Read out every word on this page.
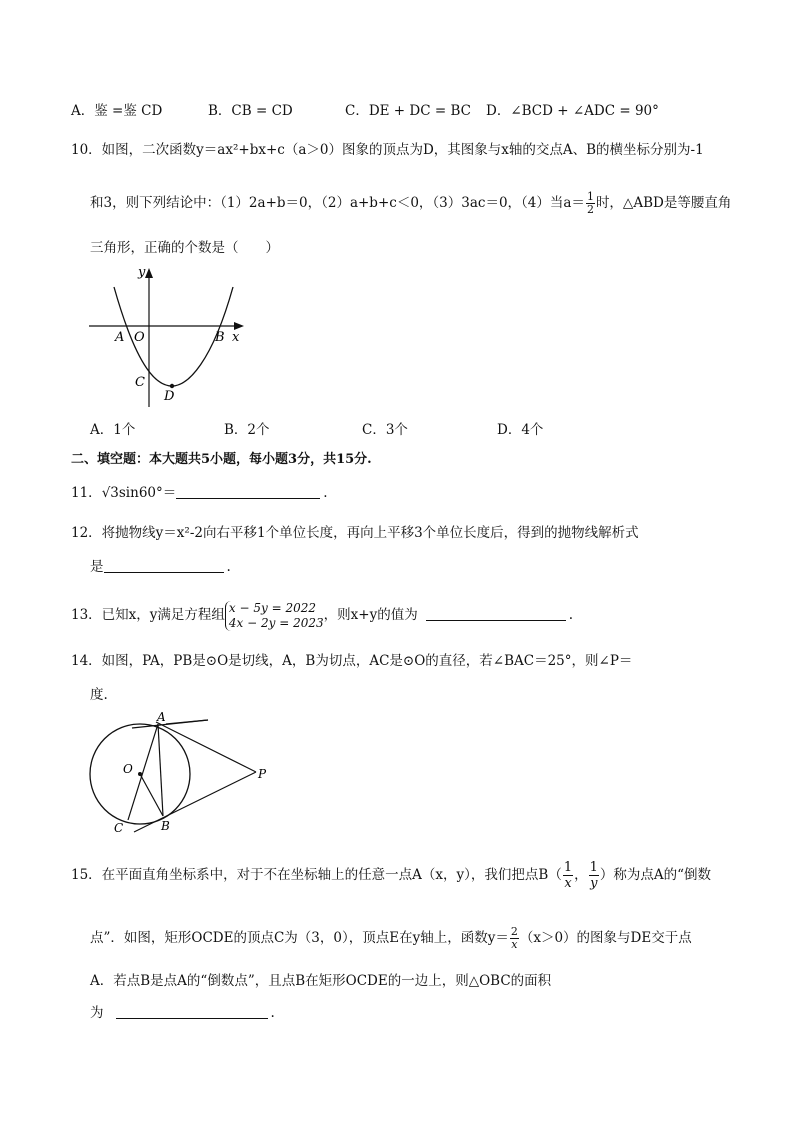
A．鉴 =鉴 CD	B．CB = CD	C．DE + DC = BC D．∠BCD + ∠ADC = 90°
10．如图，二次函数y＝ax²+bx+c（a＞0）图象的顶点为D，其图象与x轴的交点A、B的横坐标分别为-1
和3，则下列结论中：（1）2a+b＝0，（2）a+b+c＜0，（3）3ac＝0，（4）当$a= \frac{1}{2}$ 时，△ABD是等腰直角
三角形，正确的个数是（　　）
y
x
A O	B
C
D
A．1个	B．2个	C．3个	D．4个
二、填空题：本大题共5小题，每小题3分，共15分.
11．√3sin60°＝	.
12．将抛物线y＝x²-2向右平移1个单位长度，再向上平移3个单位长度后，得到的抛物线解析式
是	.
13．已知x，y满足方程组 x − 5y = 2022
4x − 2y = 2023 ，则x+y的值为	.
14．如图，PA，PB是⊙O是切线，A，B为切点，AC是⊙O的直径，若∠BAC＝25°，则∠P＝
度.
A
O	P
B
C
15．在平面直角坐标系中，对于不在坐标轴上的任意一点A（x，y），我们把点$B( \frac{1}{x}$ ， $\frac{1}{y}$ ）称为点A的“倒数
点”．如图，矩形OCDE的顶点C为（3，0），顶点E在y轴上，函数$y= \frac{2}{x} (x>0)$的图象与DE交于点
A．若点B是点A的“倒数点”，且点B在矩形OCDE的一边上，则△OBC的面积
为	.
